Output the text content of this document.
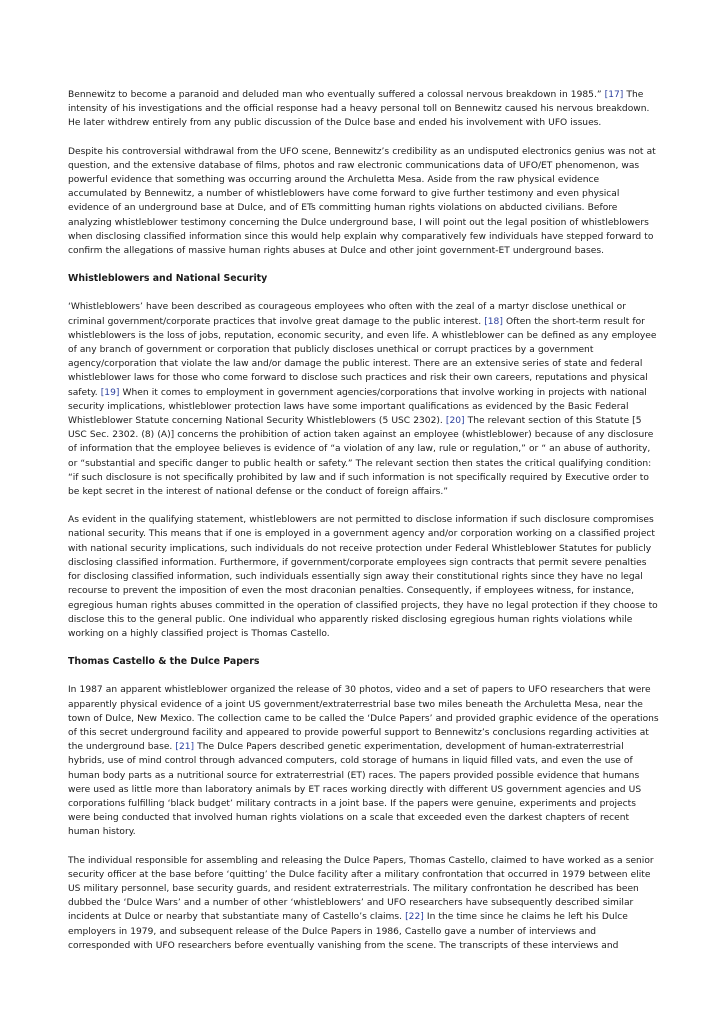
Bennewitz to become a paranoid and deluded man who eventually suffered a colossal nervous breakdown in 1985.” [17] The intensity of his investigations and the official response had a heavy personal toll on Bennewitz caused his nervous breakdown. He later withdrew entirely from any public discussion of the Dulce base and ended his involvement with UFO issues.

Despite his controversial withdrawal from the UFO scene, Bennewitz’s credibility as an undisputed electronics genius was not at question, and the extensive database of films, photos and raw electronic communications data of UFO/ET phenomenon, was powerful evidence that something was occurring around the Archuletta Mesa. Aside from the raw physical evidence accumulated by Bennewitz, a number of whistleblowers have come forward to give further testimony and even physical evidence of an underground base at Dulce, and of ETs committing human rights violations on abducted civilians. Before analyzing whistleblower testimony concerning the Dulce underground base, I will point out the legal position of whistleblowers when disclosing classified information since this would help explain why comparatively few individuals have stepped forward to confirm the allegations of massive human rights abuses at Dulce and other joint government-ET underground bases.

Whistleblowers and National Security

‘Whistleblowers’ have been described as courageous employees who often with the zeal of a martyr disclose unethical or criminal government/corporate practices that involve great damage to the public interest. [18] Often the short-term result for whistleblowers is the loss of jobs, reputation, economic security, and even life. A whistleblower can be defined as any employee of any branch of government or corporation that publicly discloses unethical or corrupt practices by a government agency/corporation that violate the law and/or damage the public interest. There are an extensive series of state and federal whistleblower laws for those who come forward to disclose such practices and risk their own careers, reputations and physical safety. [19] When it comes to employment in government agencies/corporations that involve working in projects with national security implications, whistleblower protection laws have some important qualifications as evidenced by the Basic Federal Whistleblower Statute concerning National Security Whistleblowers (5 USC 2302). [20] The relevant section of this Statute [5 USC Sec. 2302. (8) (A)] concerns the prohibition of action taken against an employee (whistleblower) because of any disclosure of information that the employee believes is evidence of “a violation of any law, rule or regulation,” or “ an abuse of authority, or “substantial and specific danger to public health or safety.” The relevant section then states the critical qualifying condition: “if such disclosure is not specifically prohibited by law and if such information is not specifically required by Executive order to be kept secret in the interest of national defense or the conduct of foreign affairs.”

As evident in the qualifying statement, whistleblowers are not permitted to disclose information if such disclosure compromises national security. This means that if one is employed in a government agency and/or corporation working on a classified project with national security implications, such individuals do not receive protection under Federal Whistleblower Statutes for publicly disclosing classified information. Furthermore, if government/corporate employees sign contracts that permit severe penalties for disclosing classified information, such individuals essentially sign away their constitutional rights since they have no legal recourse to prevent the imposition of even the most draconian penalties. Consequently, if employees witness, for instance, egregious human rights abuses committed in the operation of classified projects, they have no legal protection if they choose to disclose this to the general public. One individual who apparently risked disclosing egregious human rights violations while working on a highly classified project is Thomas Castello.

Thomas Castello & the Dulce Papers

In 1987 an apparent whistleblower organized the release of 30 photos, video and a set of papers to UFO researchers that were apparently physical evidence of a joint US government/extraterrestrial base two miles beneath the Archuletta Mesa, near the town of Dulce, New Mexico. The collection came to be called the ‘Dulce Papers’ and provided graphic evidence of the operations of this secret underground facility and appeared to provide powerful support to Bennewitz’s conclusions regarding activities at the underground base. [21] The Dulce Papers described genetic experimentation, development of human-extraterrestrial hybrids, use of mind control through advanced computers, cold storage of humans in liquid filled vats, and even the use of human body parts as a nutritional source for extraterrestrial (ET) races. The papers provided possible evidence that humans were used as little more than laboratory animals by ET races working directly with different US government agencies and US corporations fulfilling ‘black budget’ military contracts in a joint base. If the papers were genuine, experiments and projects were being conducted that involved human rights violations on a scale that exceeded even the darkest chapters of recent human history.

The individual responsible for assembling and releasing the Dulce Papers, Thomas Castello, claimed to have worked as a senior security officer at the base before ‘quitting’ the Dulce facility after a military confrontation that occurred in 1979 between elite US military personnel, base security guards, and resident extraterrestrials. The military confrontation he described has been dubbed the ‘Dulce Wars’ and a number of other ‘whistleblowers’ and UFO researchers have subsequently described similar incidents at Dulce or nearby that substantiate many of Castello’s claims. [22] In the time since he claims he left his Dulce employers in 1979, and subsequent release of the Dulce Papers in 1986, Castello gave a number of interviews and corresponded with UFO researchers before eventually vanishing from the scene. The transcripts of these interviews and
